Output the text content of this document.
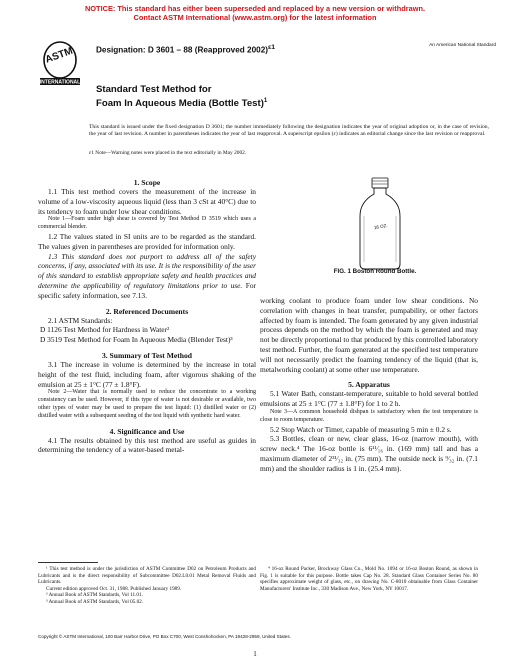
NOTICE: This standard has either been superseded and replaced by a new version or withdrawn.
Contact ASTM International (www.astm.org) for the latest information
ASTM
INTERNATIONAL
Designation: D 3601 – 88 (Reapproved 2002)$^{\varepsilon 1}$	An American National Standard
Standard Test Method for
Foam In Aqueous Media (Bottle Test)$^1$
This standard is issued under the fixed designation D 3601; the number immediately following the designation indicates the year of original adoption or, in the case of revision, the year of last revision. A number in parentheses indicates the year of last reapproval. A superscript epsilon (ε) indicates an editorial change since the last revision or reapproval.
ε1 Note—Warning notes were placed in the text editorially in May 2002.
1. Scope

1.1 This test method covers the measurement of the increase in volume of a low-viscosity aqueous liquid (less than 3 cSt at 40°C) due to its tendency to foam under low shear conditions.

Note 1—Foam under high shear is covered by Test Method D 3519 which uses a commercial blender.

1.2 The values stated in SI units are to be regarded as the standard. The values given in parentheses are provided for information only.

1.3 This standard does not purport to address all of the safety concerns, if any, associated with its use. It is the responsibility of the user of this standard to establish appropriate safety and health practices and determine the applicability of regulatory limitations prior to use. For specific safety information, see 7.13.

2. Referenced Documents

2.1 ASTM Standards:

D 1126 Test Method for Hardness in Water²

D 3519 Test Method for Foam In Aqueous Media (Blender Test)³

3. Summary of Test Method

3.1 The increase in volume is determined by the increase in total height of the test fluid, including foam, after vigorous shaking of the emulsion at 25 ± 1°C (77 ± 1.8°F).

Note 2—Water that is normally used to reduce the concentrate to a working consistency can be used. However, if this type of water is not desirable or available, two other types of water may be used to prepare the test liquid: (1) distilled water or (2) distilled water with a subsequent seeding of the test liquid with synthetic hard water.

4. Significance and Use

4.1 The results obtained by this test method are useful as guides in determining the tendency of a water-based metal-

16 OZ.
FIG. 1 Boston Round Bottle.

working coolant to produce foam under low shear conditions. No correlation with changes in heat transfer, pumpability, or other factors affected by foam is intended. The foam generated by any given industrial process depends on the method by which the foam is generated and may not be directly proportional to that produced by this controlled laboratory test method. Further, the foam generated at the specified test temperature will not necessarily predict the foaming tendency of the liquid (that is, metalworking coolant) at some other use temperature.

5. Apparatus

5.1 Water Bath, constant-temperature, suitable to hold several bottled emulsions at 25 ± 1°C (77 ± 1.8°F) for 1 to 2 h.

Note 3—A common household dishpan is satisfactory when the test temperature is close to room temperature.

5.2 Stop Watch or Timer, capable of measuring 5 min ± 0.2 s.

5.3 Bottles, clean or new, clear glass, 16-oz (narrow mouth), with screw neck.⁴ The 16-oz bottle is 6¹¹⁄₁₆ in. (169 mm) tall and has a maximum diameter of 2³¹⁄₃₂ in. (75 mm). The outside neck is ⁹⁄₃₂ in. (7.1 mm) and the shoulder radius is 1 in. (25.4 mm).

¹ This test method is under the jurisdiction of ASTM Committee D02 on Petroleum Products and Lubricants and is the direct responsibility of Subcommittee D02.L0.01 Metal Removal Fluids and Lubricants.

Current edition approved Oct. 31, 1988. Published January 1989.

² Annual Book of ASTM Standards, Vol 11.01.

³ Annual Book of ASTM Standards, Vol 05.02.

⁴ 16-oz Round Packer, Brockway Glass Co., Mold No. 1094 or 16-oz Boston Round, as shown in Fig. 1 is suitable for this purpose. Bottle takes Cap No. 28. Standard Glass Container Series No. 80 specifies approximate weight of glass, etc., on drawing No. C-8010 obtainable from Glass Container Manufacturers' Institute Inc., 330 Madison Ave., New York, NY 10017.

Copyright © ASTM International, 100 Barr Harbor Drive, PO Box C700, West Conshohocken, PA 19428-2959, United States.
1
